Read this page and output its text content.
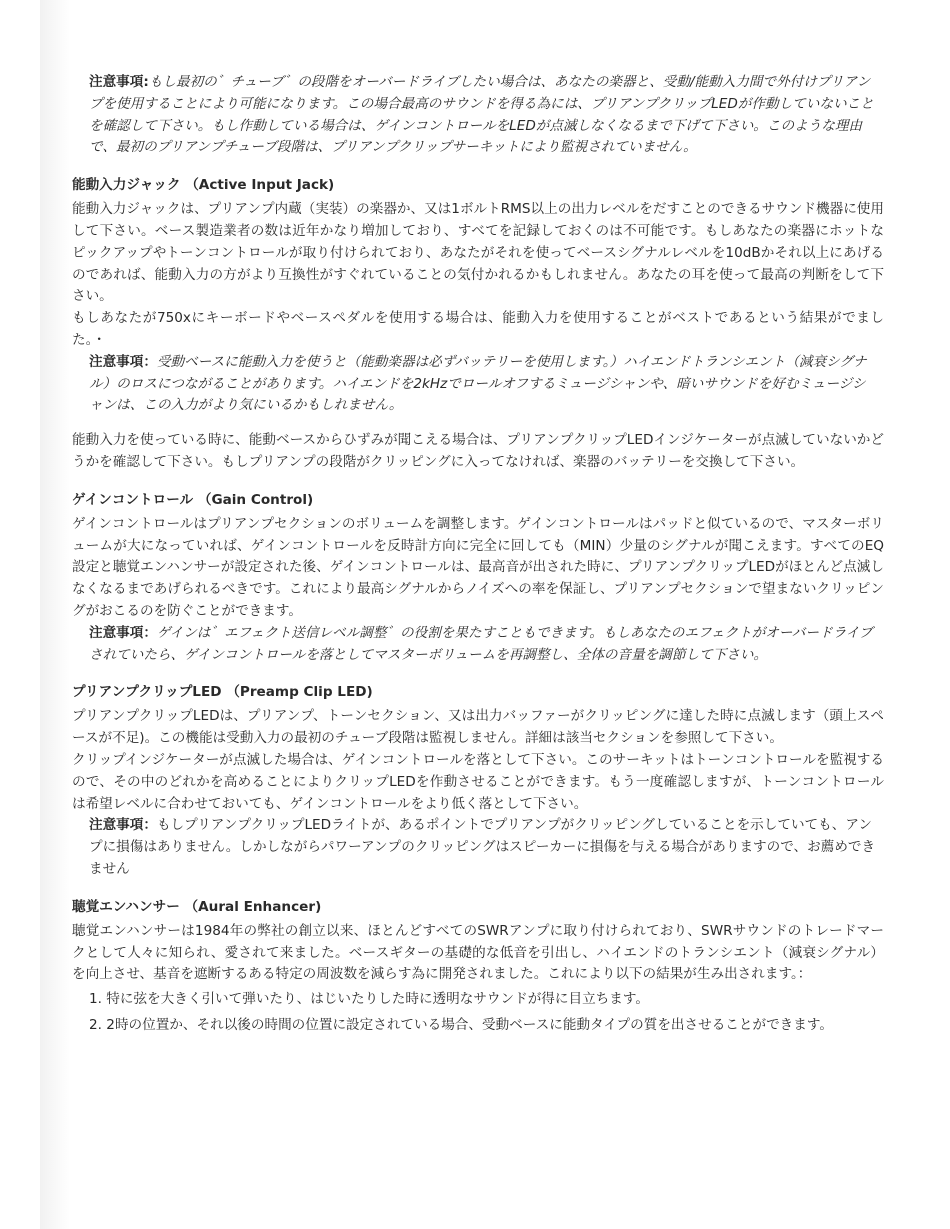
注意事項:もし最初の゛チューブ゛の段階をオーバードライブしたい場合は、あなたの楽器と、受動/能動入力間で外付けプリアンプを使用することにより可能になります。この場合最高のサウンドを得る為には、プリアンプクリップLEDが作動していないことを確認して下さい。もし作動している場合は、ゲインコントロールをLEDが点滅しなくなるまで下げて下さい。このような理由で、最初のプリアンプチューブ段階は、プリアンプクリップサーキットにより監視されていません。
能動入力ジャック （Active Input Jack)

能動入力ジャックは、プリアンプ内蔵（実装）の楽器か、又は1ボルトRMS以上の出力レベルをだすことのできるサウンド機器に使用して下さい。ベース製造業者の数は近年かなり増加しており、すべてを記録しておくのは不可能です。もしあなたの楽器にホットなピックアップやトーンコントロールが取り付けられており、あなたがそれを使ってベースシグナルレベルを10dBかそれ以上にあげるのであれば、能動入力の方がより互換性がすぐれていることの気付かれるかもしれません。あなたの耳を使って最高の判断をして下さい。

もしあなたが750xにキーボードやベースペダルを使用する場合は、能動入力を使用することがベストであるという結果がでました。・

注意事項：受動ベースに能動入力を使うと（能動楽器は必ずバッテリーを使用します。）ハイエンドトランシエント（減衰シグナル）のロスにつながることがあります。ハイエンドを2kHzでロールオフするミュージシャンや、暗いサウンドを好むミュージシャンは、この入力がより気にいるかもしれません。

能動入力を使っている時に、能動ベースからひずみが聞こえる場合は、プリアンプクリップLEDインジケーターが点滅していないかどうかを確認して下さい。もしプリアンプの段階がクリッピングに入ってなければ、楽器のバッテリーを交換して下さい。

ゲインコントロール （Gain Control)

ゲインコントロールはプリアンプセクションのボリュームを調整します。ゲインコントロールはパッドと似ているので、マスターボリュームが大になっていれば、ゲインコントロールを反時計方向に完全に回しても（MIN）少量のシグナルが聞こえます。すべてのEQ設定と聴覚エンハンサーが設定された後、ゲインコントロールは、最高音が出された時に、プリアンプクリップLEDがほとんど点滅しなくなるまであげられるべきです。これにより最高シグナルからノイズへの率を保証し、プリアンプセクションで望まないクリッピングがおこるのを防ぐことができます。

注意事項：ゲインは゛エフェクト送信レベル調整゛の役割を果たすこともできます。もしあなたのエフェクトがオーバードライブされていたら、ゲインコントロールを落としてマスターボリュームを再調整し、全体の音量を調節して下さい。
プリアンプクリップLED （Preamp Clip LED)

プリアンプクリップLEDは、プリアンプ、トーンセクション、又は出力バッファーがクリッピングに達した時に点滅します（頭上スペースが不足)。この機能は受動入力の最初のチューブ段階は監視しません。詳細は該当セクションを参照して下さい。

クリップインジケーターが点滅した場合は、ゲインコントロールを落として下さい。このサーキットはトーンコントロールを監視するので、その中のどれかを高めることによりクリップLEDを作動させることができます。もう一度確認しますが、トーンコントロールは希望レベルに合わせておいても、ゲインコントロールをより低く落として下さい。

注意事項：もしプリアンプクリップLEDライトが、あるポイントでプリアンプがクリッピングしていることを示していても、アンプに損傷はありません。しかしながらパワーアンプのクリッピングはスピーカーに損傷を与える場合がありますので、お薦めできません
聴覚エンハンサー （Aural Enhancer)

聴覚エンハンサーは1984年の弊社の創立以来、ほとんどすべてのSWRアンプに取り付けられており、SWRサウンドのトレードマークとして人々に知られ、愛されて来ました。ベースギターの基礎的な低音を引出し、ハイエンドのトランシエント（減衰シグナル）を向上させ、基音を遮断するある特定の周波数を減らす為に開発されました。これにより以下の結果が生み出されます。：

1. 特に弦を大きく引いて弾いたり、はじいたりした時に透明なサウンドが得に目立ちます。
2. 2時の位置か、それ以後の時間の位置に設定されている場合、受動ベースに能動タイプの質を出させることができます。
